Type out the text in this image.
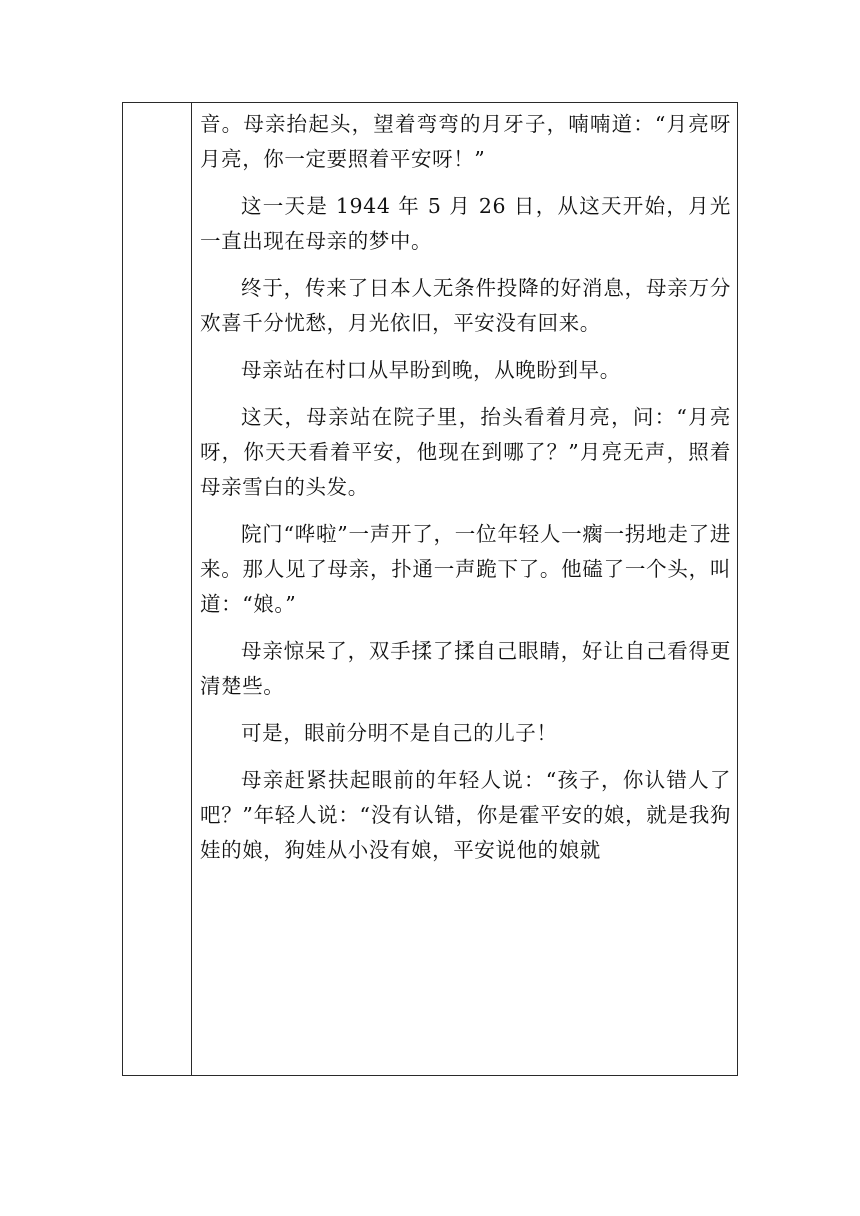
音。母亲抬起头，望着弯弯的月牙子，喃喃道：“月亮呀月亮，你一定要照着平安呀！”

这一天是 1944 年 5 月 26 日，从这天开始，月光一直出现在母亲的梦中。

终于，传来了日本人无条件投降的好消息，母亲万分欢喜千分忧愁，月光依旧，平安没有回来。

母亲站在村口从早盼到晚，从晚盼到早。

这天，母亲站在院子里，抬头看着月亮，问：“月亮呀，你天天看着平安，他现在到哪了？”月亮无声，照着母亲雪白的头发。

院门“哗啦”一声开了，一位年轻人一瘸一拐地走了进来。那人见了母亲，扑通一声跪下了。他磕了一个头，叫道：“娘。”

母亲惊呆了，双手揉了揉自己眼睛，好让自己看得更清楚些。

可是，眼前分明不是自己的儿子！

母亲赶紧扶起眼前的年轻人说：“孩子，你认错人了吧？”年轻人说：“没有认错，你是霍平安的娘，就是我狗娃的娘，狗娃从小没有娘，平安说他的娘就
